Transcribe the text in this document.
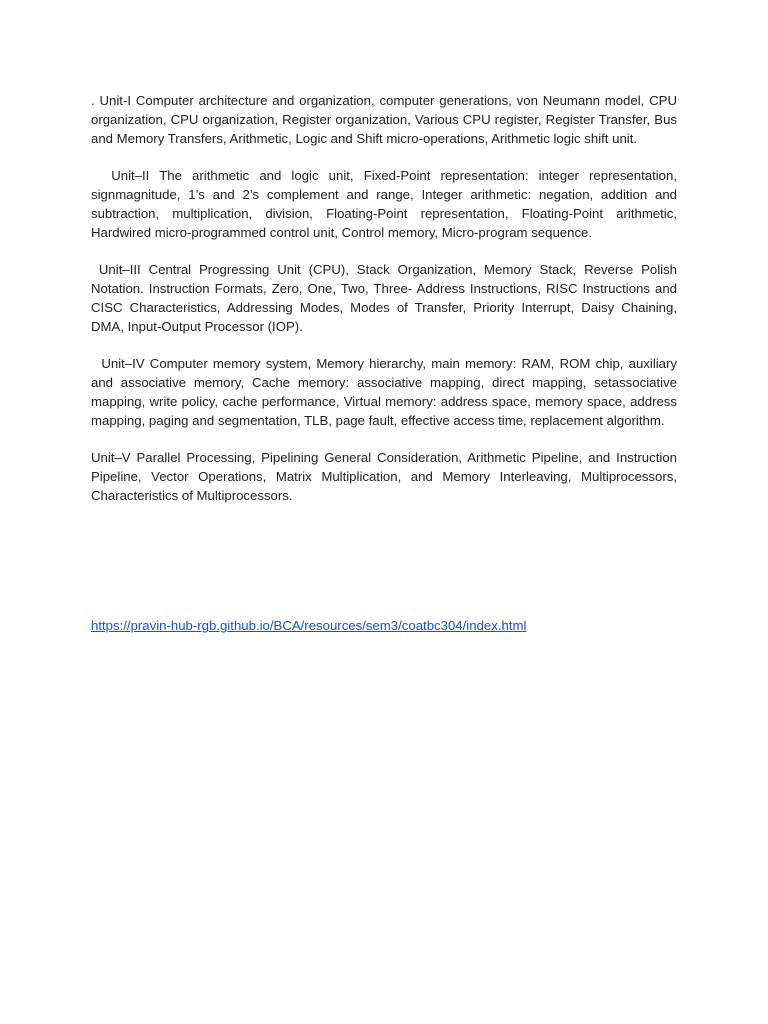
. Unit-I Computer architecture and organization, computer generations, von Neumann model, CPU organization, CPU organization, Register organization, Various CPU register, Register Transfer, Bus and Memory Transfers, Arithmetic, Logic and Shift micro-operations, Arithmetic logic shift unit.

Unit–II The arithmetic and logic unit, Fixed-Point representation: integer representation, signmagnitude, 1’s and 2’s complement and range, Integer arithmetic: negation, addition and subtraction, multiplication, division, Floating-Point representation, Floating-Point arithmetic, Hardwired micro-programmed control unit, Control memory, Micro-program sequence.

Unit–III Central Progressing Unit (CPU), Stack Organization, Memory Stack, Reverse Polish Notation. Instruction Formats, Zero, One, Two, Three- Address Instructions, RISC Instructions and CISC Characteristics, Addressing Modes, Modes of Transfer, Priority Interrupt, Daisy Chaining,  DMA, Input-Output Processor (IOP).

Unit–IV Computer memory system, Memory hierarchy, main memory: RAM, ROM chip, auxiliary and associative memory, Cache memory: associative mapping, direct mapping, setassociative mapping, write policy, cache performance, Virtual memory: address space, memory space, address mapping, paging and segmentation, TLB, page fault, effective access time, replacement algorithm.

Unit–V Parallel Processing, Pipelining General Consideration, Arithmetic Pipeline, and Instruction Pipeline, Vector Operations, Matrix Multiplication, and Memory Interleaving, Multiprocessors, Characteristics of Multiprocessors.

https://pravin-hub-rgb.github.io/BCA/resources/sem3/coatbc304/index.html
